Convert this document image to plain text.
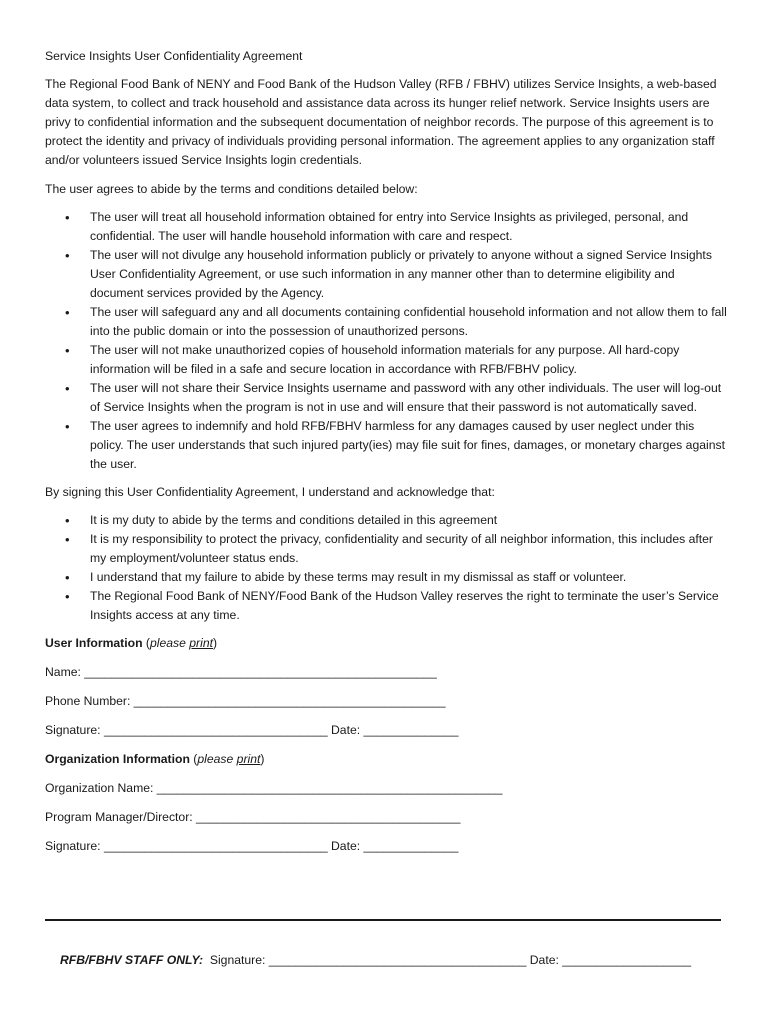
Service Insights User Confidentiality Agreement

The Regional Food Bank of NENY and Food Bank of the Hudson Valley (RFB / FBHV) utilizes Service Insights, a web-based data system, to collect and track household and assistance data across its hunger relief network. Service Insights users are privy to confidential information and the subsequent documentation of neighbor records. The purpose of this agreement is to protect the identity and privacy of individuals providing personal information. The agreement applies to any organization staff and/or volunteers issued Service Insights login credentials.

The user agrees to abide by the terms and conditions detailed below:

• The user will treat all household information obtained for entry into Service Insights as privileged, personal, and confidential. The user will handle household information with care and respect.
• The user will not divulge any household information publicly or privately to anyone without a signed Service Insights User Confidentiality Agreement, or use such information in any manner other than to determine eligibility and document services provided by the Agency.
• The user will safeguard any and all documents containing confidential household information and not allow them to fall into the public domain or into the possession of unauthorized persons.
• The user will not make unauthorized copies of household information materials for any purpose. All hard-copy information will be filed in a safe and secure location in accordance with RFB/FBHV policy.
• The user will not share their Service Insights username and password with any other individuals. The user will log-out of Service Insights when the program is not in use and will ensure that their password is not automatically saved.
• The user agrees to indemnify and hold RFB/FBHV harmless for any damages caused by user neglect under this policy. The user understands that such injured party(ies) may file suit for fines, damages, or monetary charges against the user.

By signing this User Confidentiality Agreement, I understand and acknowledge that:

• It is my duty to abide by the terms and conditions detailed in this agreement
• It is my responsibility to protect the privacy, confidentiality and security of all neighbor information, this includes after my employment/volunteer status ends.
• I understand that my failure to abide by these terms may result in my dismissal as staff or volunteer.
• The Regional Food Bank of NENY/Food Bank of the Hudson Valley reserves the right to terminate the user’s Service Insights access at any time.

User Information (please print)

Name: ____________________________________________________

Phone Number: ______________________________________________

Signature: _________________________________ Date: ______________

Organization Information (please print)

Organization Name: ___________________________________________________

Program Manager/Director: _______________________________________

Signature: _________________________________ Date: ______________

RFB/FBHV STAFF ONLY:  Signature: ______________________________________ Date: ___________________
